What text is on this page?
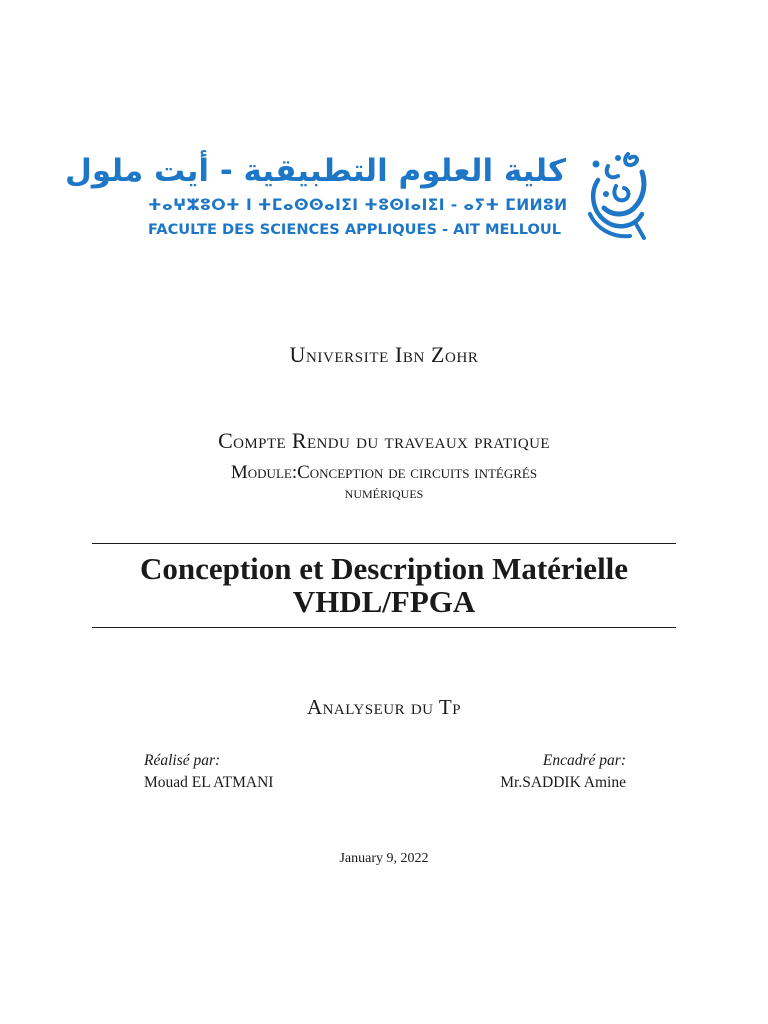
كلية العلوم التطبيقية - أيت ملول
ⵜⴰⵖⵣⵓⵔⵜ ⵏ ⵜⵎⴰⵙⵙⴰⵏⵉⵏ ⵜⵓⵙⵏⴰⵏⵉⵏ - ⴰⵢⵜ ⵎⵍⵍⵓⵍ
FACULTE DES SCIENCES APPLIQUES - AIT MELLOUL
Universite Ibn Zohr
Compte Rendu du traveaux pratique
Module:Conception de circuits intégrés
numériques
Conception et Description Matérielle
VHDL/FPGA
Analyseur du Tp
Réalisé par:
Mouad EL ATMANI
Encadré par:
Mr.SADDIK Amine
January 9, 2022
